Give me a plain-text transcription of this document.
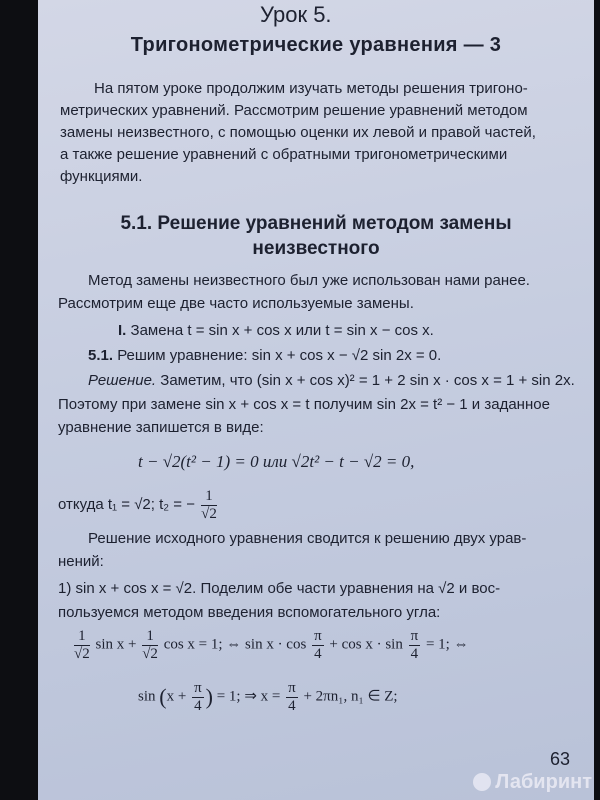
Урок 5.
Тригонометрические уравнения — 3
На пятом уроке продолжим изучать методы решения тригоно-
метрических уравнений. Рассмотрим решение уравнений методом
замены неизвестного, с помощью оценки их левой и правой частей,
а также решение уравнений с обратными тригонометрическими
функциями.
5.1. Решение уравнений методом замены
неизвестного
Метод замены неизвестного был уже использован нами ранее.
Рассмотрим еще две часто используемые замены.
I. Замена t = sin x + cos x или t = sin x − cos x.
5.1. Решим уравнение: sin x + cos x − √2 sin 2x = 0.
Решение. Заметим, что (sin x + cos x)² = 1 + 2 sin x · cos x = 1 + sin 2x.
Поэтому при замене sin x + cos x = t получим sin 2x = t² − 1 и заданное
уравнение запишется в виде:
t − √2(t² − 1) = 0 или √2t² − t − √2 = 0,
откуда t₁ = √2; t₂ = − $\frac{1}{√2}$
Решение исходного уравнения сводится к решению двух урав-
нений:
1) sin x + cos x = √2. Поделим обе части уравнения на √2 и вос-
пользуемся методом введения вспомогательного угла:
$\frac{1}{√2}$ $\sin x + \frac{1}{√2}$ cos x = 1; ⇔ $\sin x \cdot \cos \frac{\pi}{4} + \cos x \cdot \sin \frac{\pi}{4} = 1$; ⇔
$\sin (x + \frac{\pi}{4}$ ) = 1; ⇒ $x = \frac{\pi}{4} + 2\pi n_1$, n₁ ∈ Z;
63
Лабиринт
